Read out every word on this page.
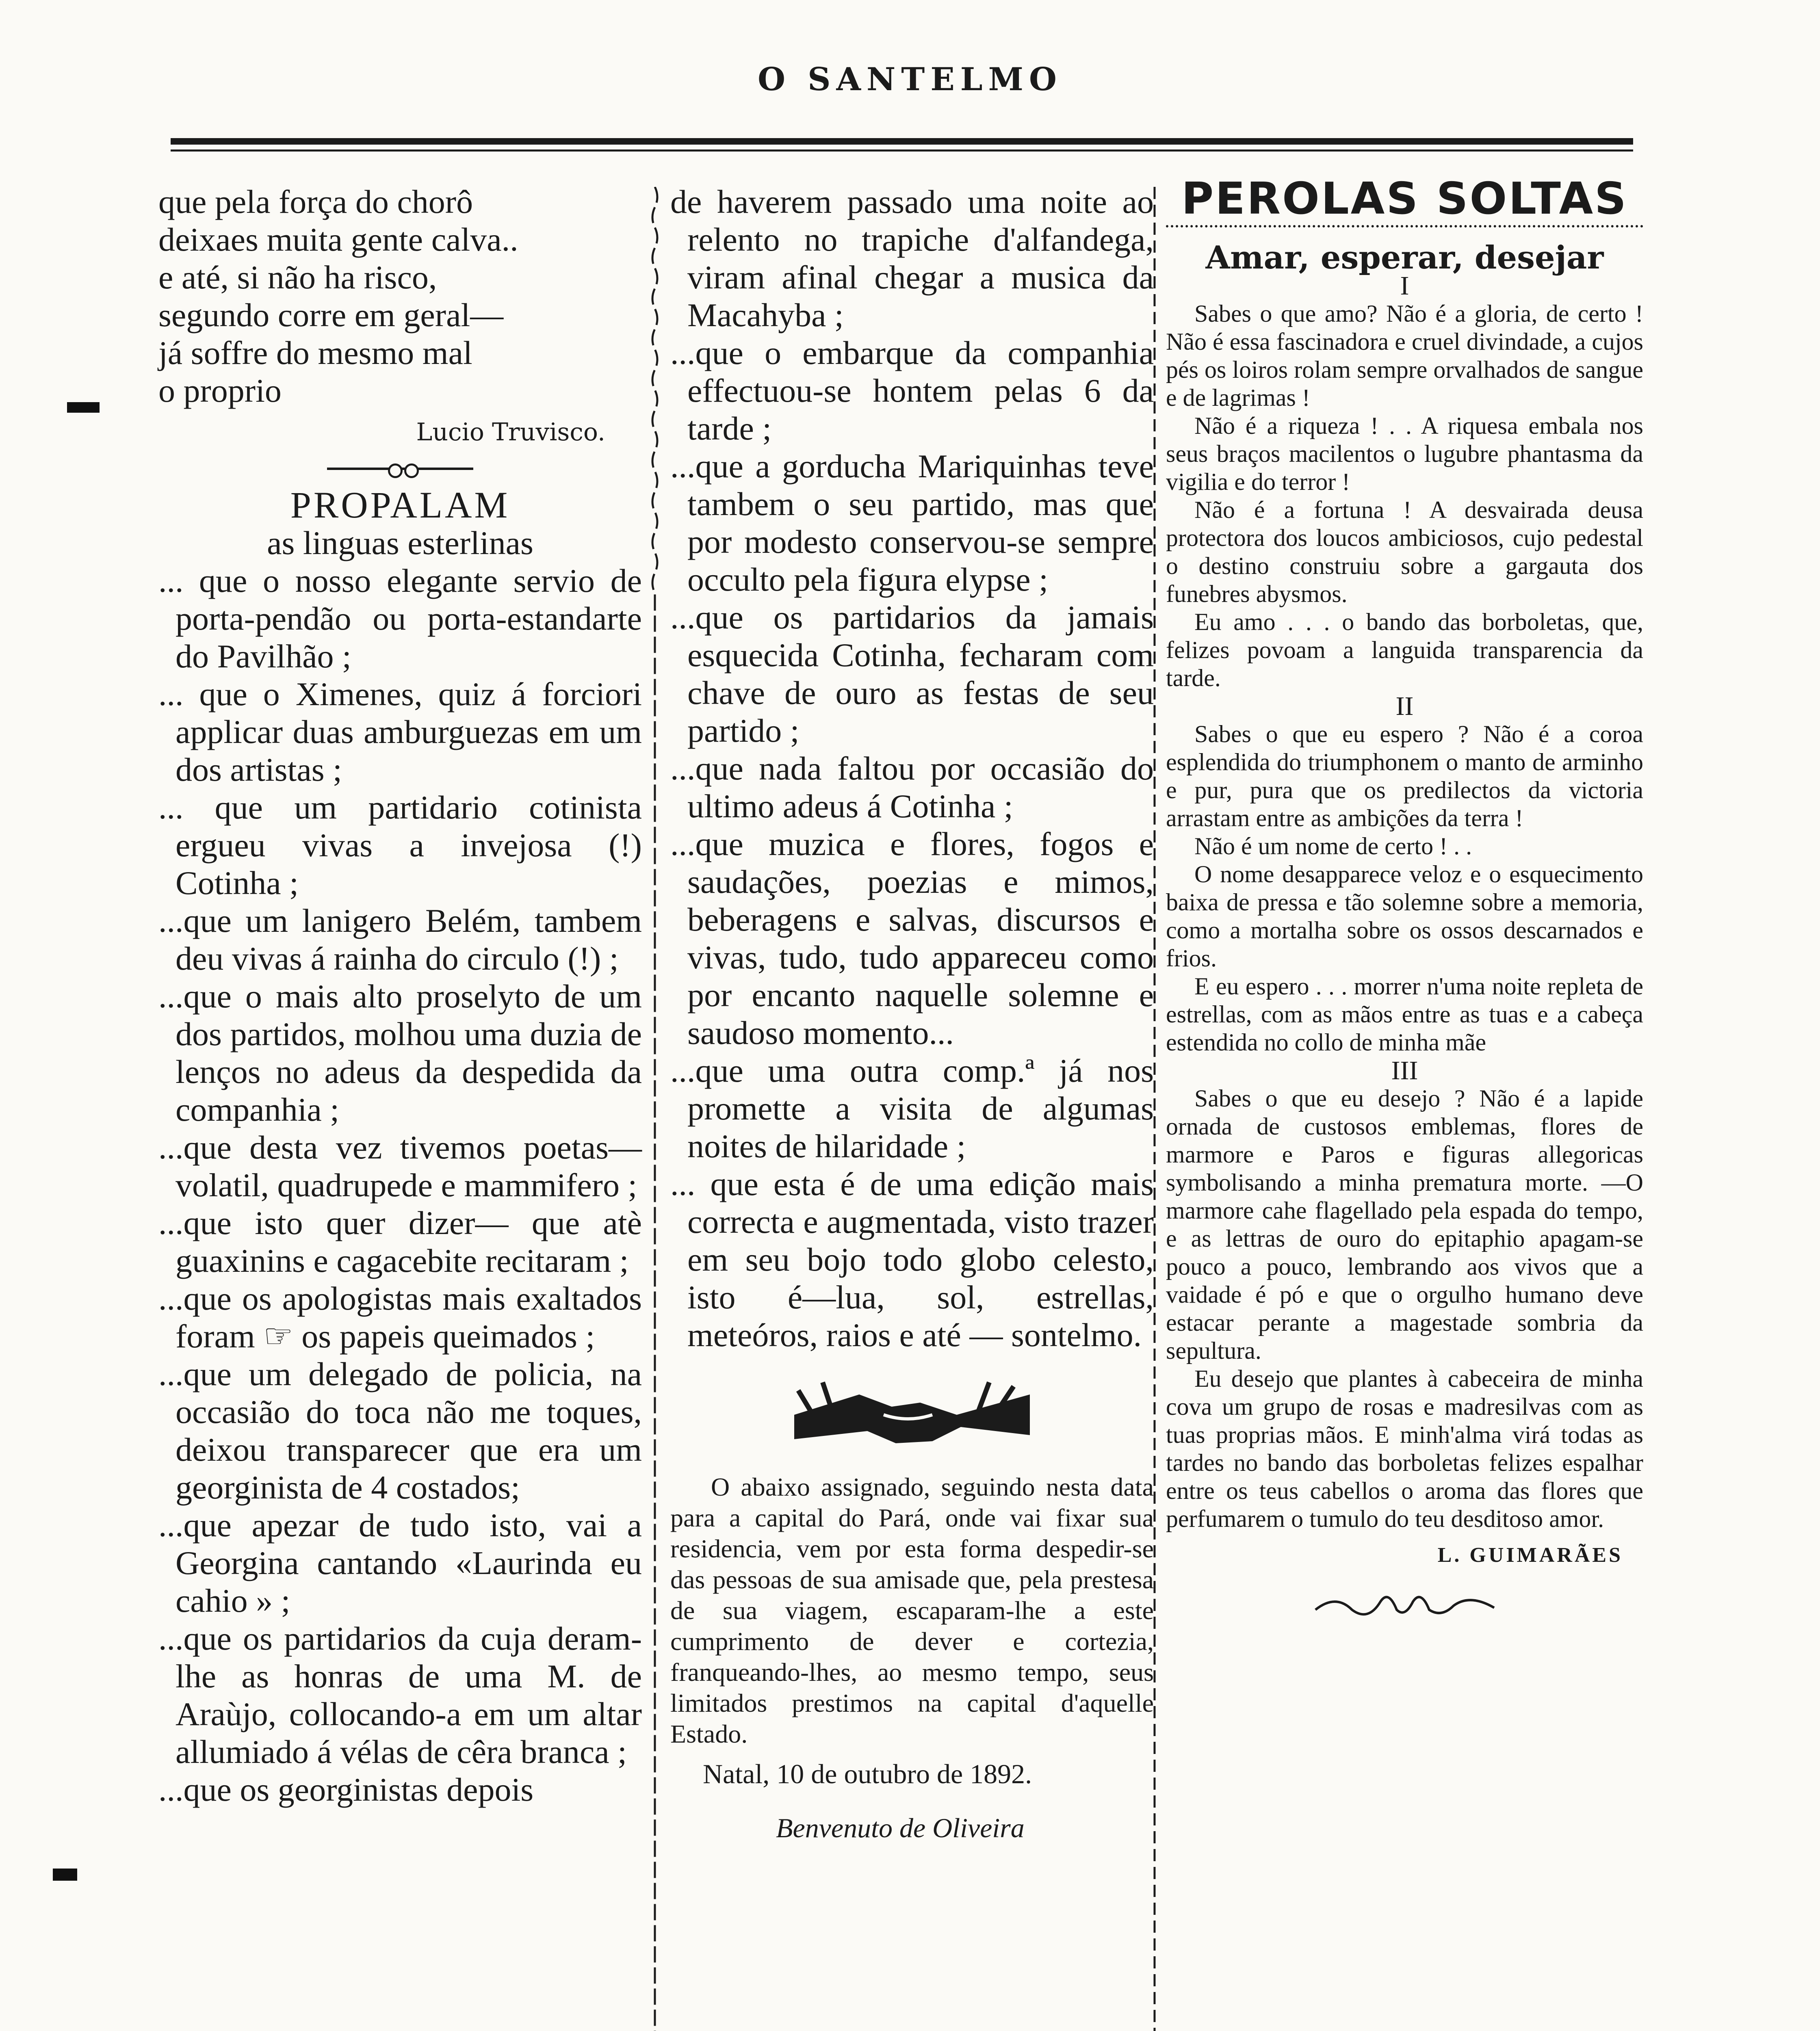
O SANTELMO

que pela força do chorô

deixaes muita gente calva..

e até, si não ha risco,

segundo corre em geral—

já soffre do mesmo mal

o proprio

Lucio Truvisco.

PROPALAM

as linguas esterlinas

... que o nosso elegante servio de porta-pendão ou porta-estandarte do Pavilhão ;

... que o Ximenes, quiz á forciori applicar duas amburguezas em um dos artistas ;

... que um partidario cotinista ergueu vivas a invejosa (!) Cotinha ;

...que um lanigero Belém, tambem deu vivas á rainha do circulo (!) ;

...que o mais alto proselyto de um dos partidos, molhou uma duzia de lenços no adeus da despedida da companhia ;

...que desta vez tivemos poetas—volatil, quadrupede e mammifero ;

...que isto quer dizer— que atè guaxinins e cagacebite recitaram ;

...que os apologistas mais exaltados foram ☞ os papeis queimados ;

...que um delegado de policia, na occasião do toca não me toques, deixou transparecer que era um georginista de 4 costados;

...que apezar de tudo isto, vai a Georgina cantando «Laurinda eu cahio » ;

...que os partidarios da cuja deram-lhe as honras de uma M. de Araùjo, collocando-a em um altar allumiado á vélas de cêra branca ;

...que os georginistas depois

de haverem passado uma noite ao relento no trapiche d'alfandega, viram afinal chegar a musica da Macahyba ;

...que o embarque da companhia effectuou-se hontem pelas 6 da tarde ;

...que a gorducha Mariquinhas teve tambem o seu partido, mas que por modesto conservou-se sempre occulto pela figura elypse ;

...que os partidarios da jamais esquecida Cotinha, fecharam com chave de ouro as festas de seu partido ;

...que nada faltou por occasião do ultimo adeus á Cotinha ;

...que muzica e flores, fogos e saudações, poezias e mimos, beberagens e salvas, discursos e vivas, tudo, tudo appareceu como por encanto naquelle solemne e saudoso momento...

...que uma outra comp.ª já nos promette a visita de algumas noites de hilaridade ;

... que esta é de uma edição mais correcta e augmentada, visto trazer em seu bojo todo globo celesto, isto é—lua, sol, estrellas, meteóros, raios e até — sontelmo.

O abaixo assignado, seguindo nesta data para a capital do Pará, onde vai fixar sua residencia, vem por esta forma despedir-se das pessoas de sua amisade que, pela prestesa de sua viagem, escaparam-lhe a este cumprimento de dever e cortezia, franqueando-lhes, ao mesmo tempo, seus limitados prestimos na capital d'aquelle Estado.

Natal, 10 de outubro de 1892.

Benvenuto de Oliveira

PEROLAS SOLTAS

Amar, esperar, desejar

I

Sabes o que amo? Não é a gloria, de certo ! Não é essa fascinadora e cruel divindade, a cujos pés os loiros rolam sempre orvalhados de sangue e de lagrimas !

Não é a riqueza ! . . A riquesa embala nos seus braços macilentos o lugubre phantasma da vigilia e do terror !

Não é a fortuna ! A desvairada deusa protectora dos loucos ambiciosos, cujo pedestal o destino construiu sobre a gargauta dos funebres abysmos.

Eu amo . . . o bando das borboletas, que, felizes povoam a languida transparencia da tarde.

II

Sabes o que eu espero ? Não é a coroa esplendida do triumphonem o manto de arminho e pur, pura que os predilectos da victoria arrastam entre as ambições da terra !

Não é um nome de certo ! . .

O nome desapparece veloz e o esquecimento baixa de pressa e tão solemne sobre a memoria, como a mortalha sobre os ossos descarnados e frios.

E eu espero . . . morrer n'uma noite repleta de estrellas, com as mãos entre as tuas e a cabeça estendida no collo de minha mãe

III

Sabes o que eu desejo ? Não é a lapide ornada de custosos emblemas, flores de marmore e Paros e figuras allegoricas symbolisando a minha prematura morte. —O marmore cahe flagellado pela espada do tempo, e as lettras de ouro do epitaphio apagam-se pouco a pouco, lembrando aos vivos que a vaidade é pó e que o orgulho humano deve estacar perante a magestade sombria da sepultura.

Eu desejo que plantes à cabeceira de minha cova um grupo de rosas e madresilvas com as tuas proprias mãos. E minh'alma virá todas as tardes no bando das borboletas felizes espalhar entre os teus cabellos o aroma das flores que perfumarem o tumulo do teu desditoso amor.

L. GUIMARÃES
